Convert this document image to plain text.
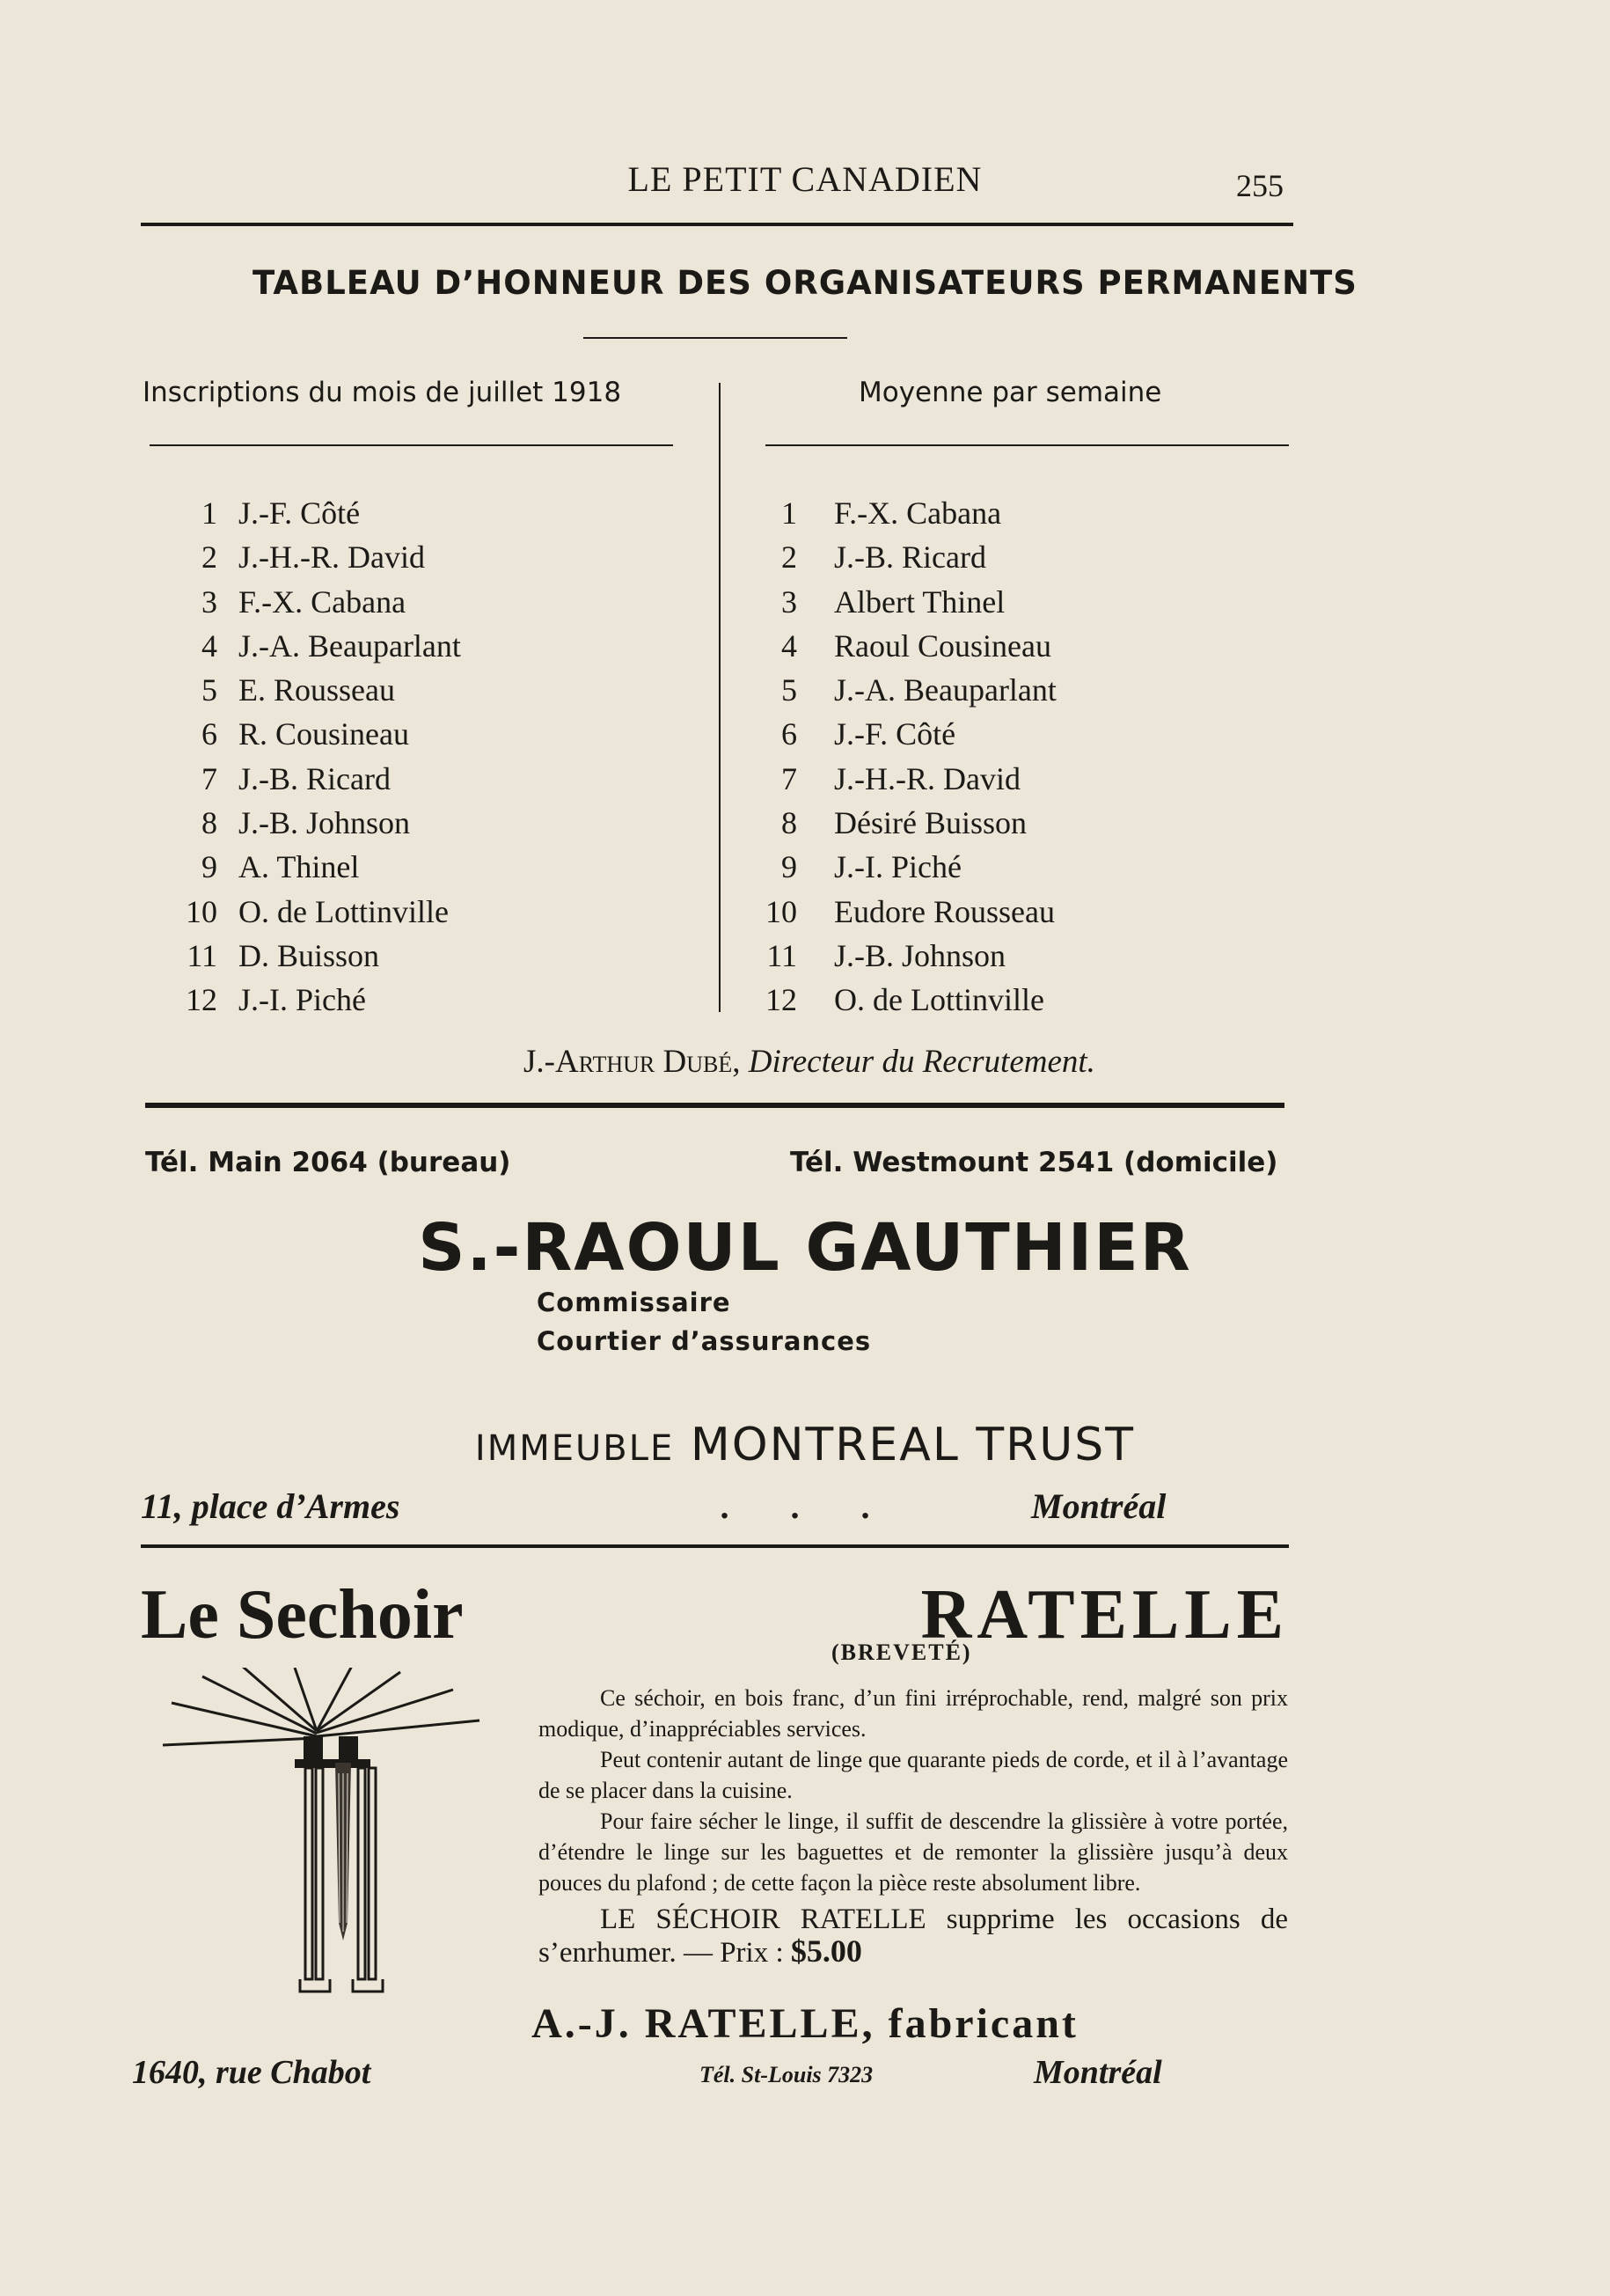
LE PETIT CANADIEN	255
TABLEAU D’HONNEUR DES ORGANISATEURS PERMANENTS
Inscriptions du mois de juillet 1918	Moyenne par semaine
1 J.-F. Côté
2 J.-H.-R. David
3 F.-X. Cabana
4 J.-A. Beauparlant
5 E. Rousseau
6 R. Cousineau
7 J.-B. Ricard
8 J.-B. Johnson
9 A. Thinel
10 O. de Lottinville
11 D. Buisson
12 J.-I. Piché
1	F.-X. Cabana
2	J.-B. Ricard
3	Albert Thinel
4	Raoul Cousineau
5	J.-A. Beauparlant
6	J.-F. Côté
7	J.-H.-R. David
8	Désiré Buisson
9	J.-I. Piché
10	Eudore Rousseau
11	J.-B. Johnson
12	O. de Lottinville
J.-Arthur Dubé, Directeur du Recrutement.
Tél. Main 2064 (bureau)	Tél. Westmount 2541 (domicile)
S.-RAOUL GAUTHIER
Commissaire
Courtier d’assurances
IMMEUBLE MONTREAL TRUST
11, place d’Armes	...	Montréal
Le Sechoir	RATELLE
(BREVETÉ)

Ce séchoir, en bois franc, d’un fini irréprochable, rend, malgré son prix modique, d’inappréciables services.

Peut contenir autant de linge que quarante pieds de corde, et il à l’avantage de se placer dans la cuisine.

Pour faire sécher le linge, il suffit de descendre la glissière à votre portée, d’étendre le linge sur les baguettes et de remonter la glissière jusqu’à deux pouces du plafond ; de cette façon la pièce reste absolument libre.

LE SÉCHOIR RATELLE supprime les occasions de s’enrhumer. — Prix : $5.00

A.-J. RATELLE, fabricant
1640, rue Chabot	Tél. St-Louis 7323	Montréal
